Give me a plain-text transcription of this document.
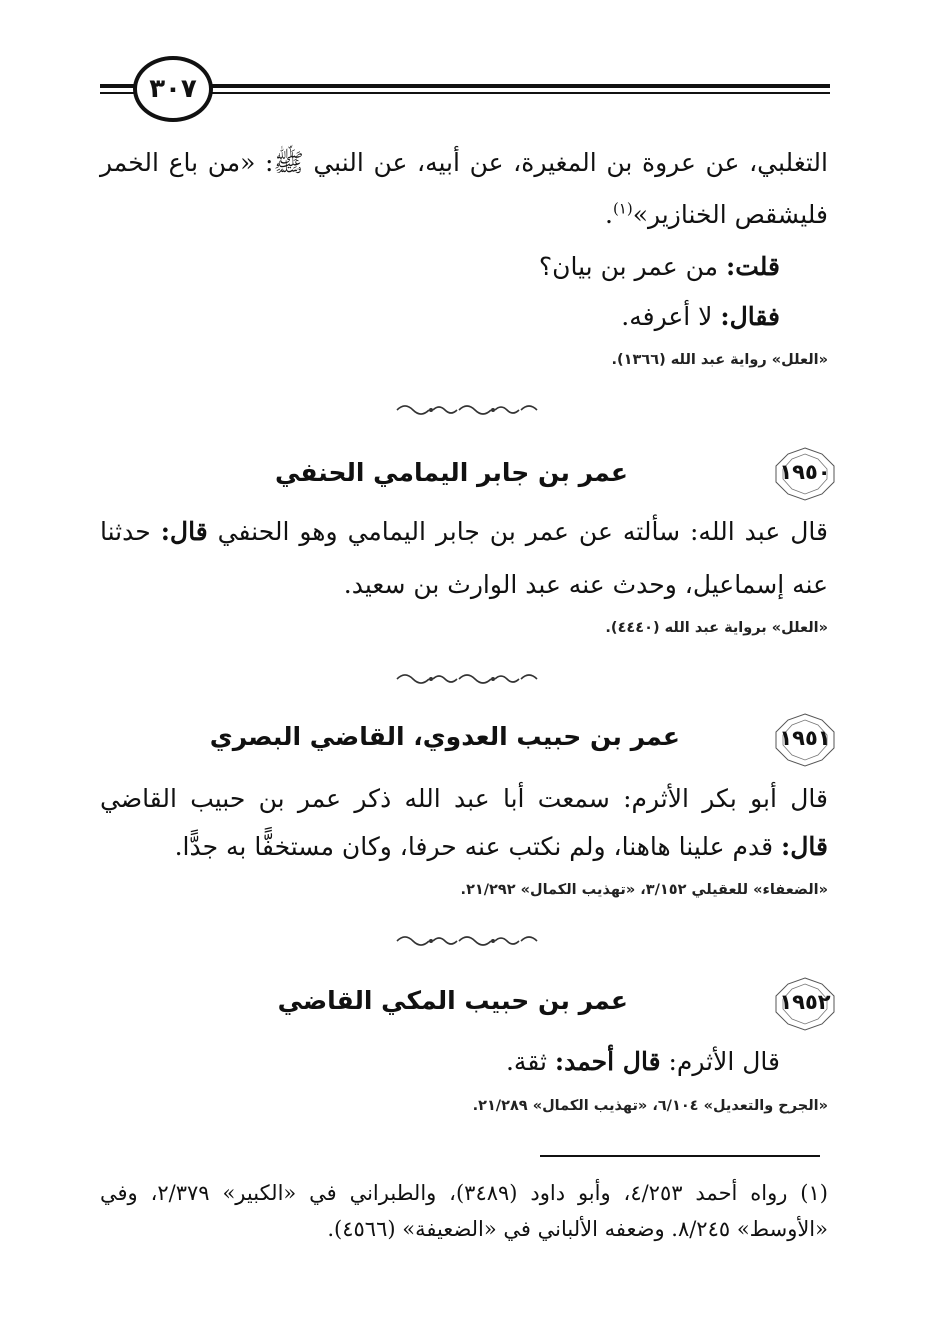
٣٠٧
التغلبي، عن عروة بن المغيرة، عن أبيه، عن النبي ﷺ: «من باع الخمر
فليشقص الخنازير»$^{(١)}$.
قلت: من عمر بن بيان؟
فقال: لا أعرفه.
«العلل» رواية عبد الله (١٣٦٦).
١٩٥٠
عمر بن جابر اليمامي الحنفي
قال عبد الله: سألته عن عمر بن جابر اليمامي وهو الحنفي قال: حدثنا
عنه إسماعيل، وحدث عنه عبد الوارث بن سعيد.
«العلل» برواية عبد الله (٤٤٤٠).
١٩٥١
عمر بن حبيب العدوي، القاضي البصري
قال أبو بكر الأثرم: سمعت أبا عبد الله ذكر عمر بن حبيب القاضي
قال: قدم علينا هاهنا، ولم نكتب عنه حرفا، وكان مستخفًّا به جدًّا.
«الضعفاء» للعقيلي ٣/١٥٢، «تهذيب الكمال» ٢١/٢٩٢.
١٩٥٢
عمر بن حبيب المكي القاضي
قال الأثرم: قال أحمد: ثقة.
«الجرح والتعديل» ٦/١٠٤، «تهذيب الكمال» ٢١/٢٨٩.
(١) رواه أحمد ٤/٢٥٣، وأبو داود (٣٤٨٩)، والطبراني في «الكبير» ٢/٣٧٩، وفي
«الأوسط» ٨/٢٤٥. وضعفه الألباني في «الضعيفة» (٤٥٦٦).
